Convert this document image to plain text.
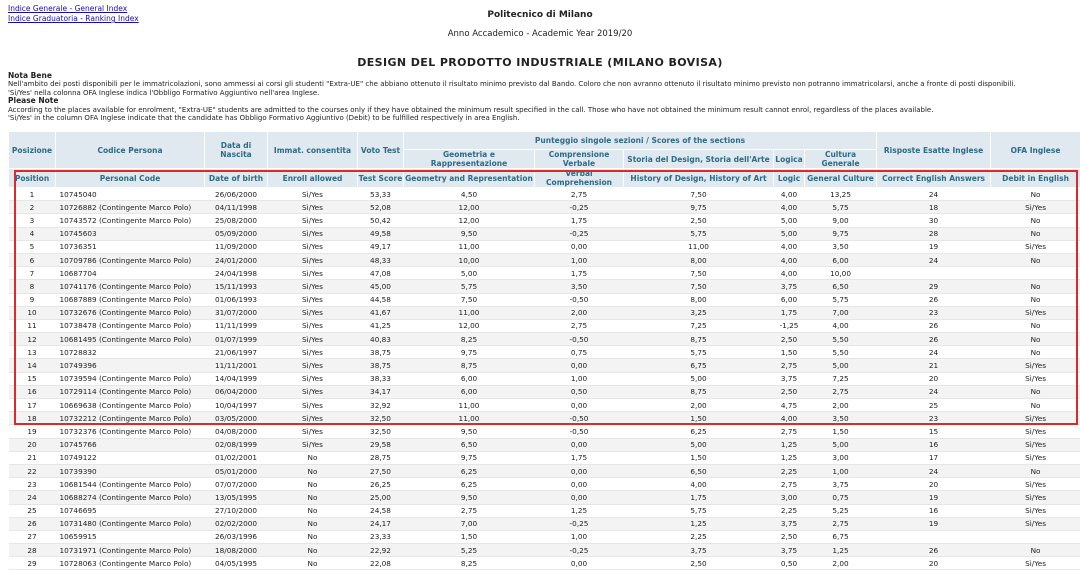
Indice Generale - General Index
Indice Graduatoria - Ranking Index	Politecnico di Milano
Anno Accademico - Academic Year 2019/20
DESIGN DEL PRODOTTO INDUSTRIALE (MILANO BOVISA)
Nota Bene
Nell'ambito dei posti disponibili per le immatricolazioni, sono ammessi ai corsi gli studenti "Extra-UE" che abbiano ottenuto il risultato minimo previsto dal Bando. Coloro che non avranno ottenuto il risultato minimo previsto non potranno immatricolarsi, anche a fronte di posti disponibili.
'Si/Yes' nella colonna OFA Inglese indica l'Obbligo Formativo Aggiuntivo nell'area Inglese.
Please Note
According to the places available for enrolment, "Extra-UE" students are admitted to the courses only if they have obtained the minimum result specified in the call. Those who have not obtained the minimum result cannot enrol, regardless of the places available.
'Si/Yes' in the column OFA Inglese indicate that the candidate has Obbligo Formativo Aggiuntivo (Debit) to be fulfilled respectively in area English.
Posizione	Codice Persona	Data di Nascita	Immat. consentita	Voto Test	Punteggio singole sezioni / Scores of the sections					Risposte Esatte Inglese	OFA Inglese
					Geometria e Rappresentazione	Comprensione Verbale	Storia del Design, Storia dell'Arte	Logica	Cultura Generale		
Position	Personal Code	Date of birth	Enroll allowed	Test Score	Geometry and Representation	Verbal Comprehension	History of Design, History of Art	Logic	General Culture	Correct English Answers	Debit in English
1	10745040	26/06/2000	Sì/Yes	53,33	4,50	2,75	7,50	4,00	13,25	24	No
2	10726882 (Contingente Marco Polo)	04/11/1998	Sì/Yes	52,08	12,00	-0,25	9,75	4,00	5,75	18	Sì/Yes
3	10743572 (Contingente Marco Polo)	25/08/2000	Sì/Yes	50,42	12,00	1,75	2,50	5,00	9,00	30	No
4	10745603	05/09/2000	Sì/Yes	49,58	9,50	-0,25	5,75	5,00	9,75	28	No
5	10736351	11/09/2000	Sì/Yes	49,17	11,00	0,00	11,00	4,00	3,50	19	Sì/Yes
6	10709786 (Contingente Marco Polo)	24/01/2000	Sì/Yes	48,33	10,00	1,00	8,00	4,00	6,00	24	No
7	10687704	24/04/1998	Sì/Yes	47,08	5,00	1,75	7,50	4,00	10,00		
8	10741176 (Contingente Marco Polo)	15/11/1993	Sì/Yes	45,00	5,75	3,50	7,50	3,75	6,50	29	No
9	10687889 (Contingente Marco Polo)	01/06/1993	Sì/Yes	44,58	7,50	-0,50	8,00	6,00	5,75	26	No
10	10732676 (Contingente Marco Polo)	31/07/2000	Sì/Yes	41,67	11,00	2,00	3,25	1,75	7,00	23	Sì/Yes
11	10738478 (Contingente Marco Polo)	11/11/1999	Sì/Yes	41,25	12,00	2,75	7,25	-1,25	4,00	26	No
12	10681495 (Contingente Marco Polo)	01/07/1999	Sì/Yes	40,83	8,25	-0,50	8,75	2,50	5,50	26	No
13	10728832	21/06/1997	Sì/Yes	38,75	9,75	0,75	5,75	1,50	5,50	24	No
14	10749396	11/11/2001	Sì/Yes	38,75	8,75	0,00	6,75	2,75	5,00	21	Sì/Yes
15	10739594 (Contingente Marco Polo)	14/04/1999	Sì/Yes	38,33	6,00	1,00	5,00	3,75	7,25	20	Sì/Yes
16	10729114 (Contingente Marco Polo)	06/04/2000	Sì/Yes	34,17	6,00	0,50	8,75	2,50	2,75	24	No
17	10669638 (Contingente Marco Polo)	10/04/1997	Sì/Yes	32,92	11,00	0,00	2,00	4,75	2,00	25	No
18	10732212 (Contingente Marco Polo)	03/05/2000	Sì/Yes	32,50	11,00	-0,50	1,50	4,00	3,50	23	Sì/Yes
19	10732376 (Contingente Marco Polo)	04/08/2000	Sì/Yes	32,50	9,50	-0,50	6,25	2,75	1,50	15	Sì/Yes
20	10745766	02/08/1999	Sì/Yes	29,58	6,50	0,00	5,00	1,25	5,00	16	Sì/Yes
21	10749122	01/02/2001	No	28,75	9,75	1,75	1,50	1,25	3,00	17	Sì/Yes
22	10739390	05/01/2000	No	27,50	6,25	0,00	6,50	2,25	1,00	24	No
23	10681544 (Contingente Marco Polo)	07/07/2000	No	26,25	6,25	0,00	4,00	2,75	3,75	20	Sì/Yes
24	10688274 (Contingente Marco Polo)	13/05/1995	No	25,00	9,50	0,00	1,75	3,00	0,75	19	Sì/Yes
25	10746695	27/10/2000	No	24,58	2,75	1,25	5,75	2,25	5,25	16	Sì/Yes
26	10731480 (Contingente Marco Polo)	02/02/2000	No	24,17	7,00	-0,25	1,25	3,75	2,75	19	Sì/Yes
27	10659915	26/03/1996	No	23,33	1,50	1,00	2,25	2,50	6,75		
28	10731971 (Contingente Marco Polo)	18/08/2000	No	22,92	5,25	-0,25	3,75	3,75	1,25	26	No
29	10728063 (Contingente Marco Polo)	04/05/1995	No	22,08	8,25	0,00	2,50	0,50	2,00	20	Sì/Yes
